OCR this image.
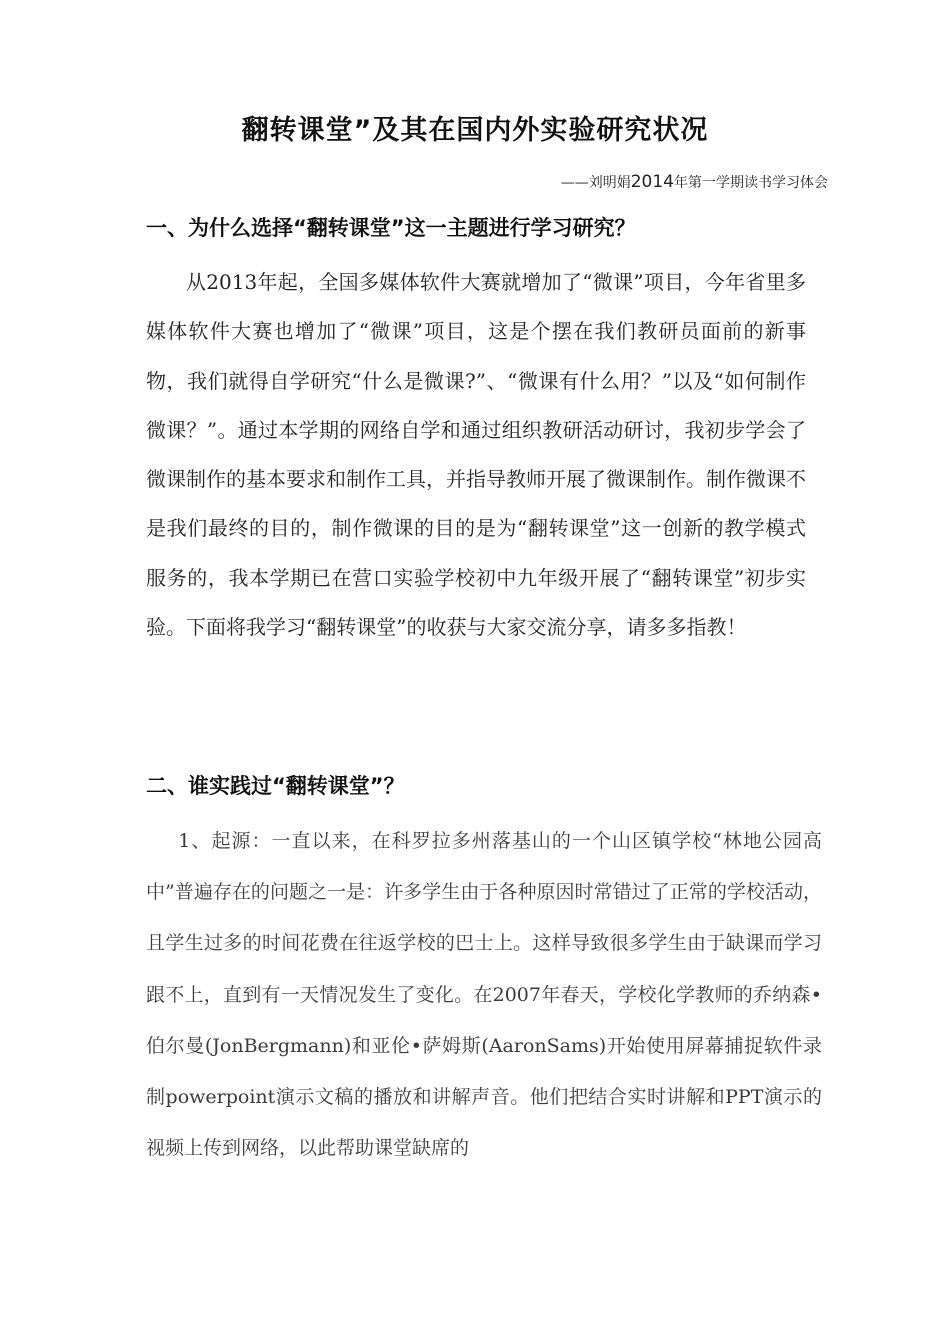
翻转课堂”及其在国内外实验研究状况

——刘明娟2014年第一学期读书学习体会

一、为什么选择“翻转课堂”这一主题进行学习研究？

从2013年起，全国多媒体软件大赛就增加了“微课”项目，今年省里多媒体软件大赛也增加了“微课”项目，这是个摆在我们教研员面前的新事物，我们就得自学研究“什么是微课?”、“微课有什么用？”以及“如何制作微课？”。通过本学期的网络自学和通过组织教研活动研讨，我初步学会了微课制作的基本要求和制作工具，并指导教师开展了微课制作。制作微课不是我们最终的目的，制作微课的目的是为“翻转课堂”这一创新的教学模式服务的，我本学期已在营口实验学校初中九年级开展了“翻转课堂”初步实验。下面将我学习“翻转课堂”的收获与大家交流分享，请多多指教！

二、谁实践过“翻转课堂”？

1、起源：一直以来，在科罗拉多州落基山的一个山区镇学校“林地公园高中”普遍存在的问题之一是：许多学生由于各种原因时常错过了正常的学校活动，且学生过多的时间花费在往返学校的巴士上。这样导致很多学生由于缺课而学习跟不上，直到有一天情况发生了变化。在2007年春天，学校化学教师的乔纳森•伯尔曼(JonBergmann)和亚伦•萨姆斯(AaronSams)开始使用屏幕捕捉软件录制powerpoint演示文稿的播放和讲解声音。他们把结合实时讲解和PPT演示的视频上传到网络，以此帮助课堂缺席的
